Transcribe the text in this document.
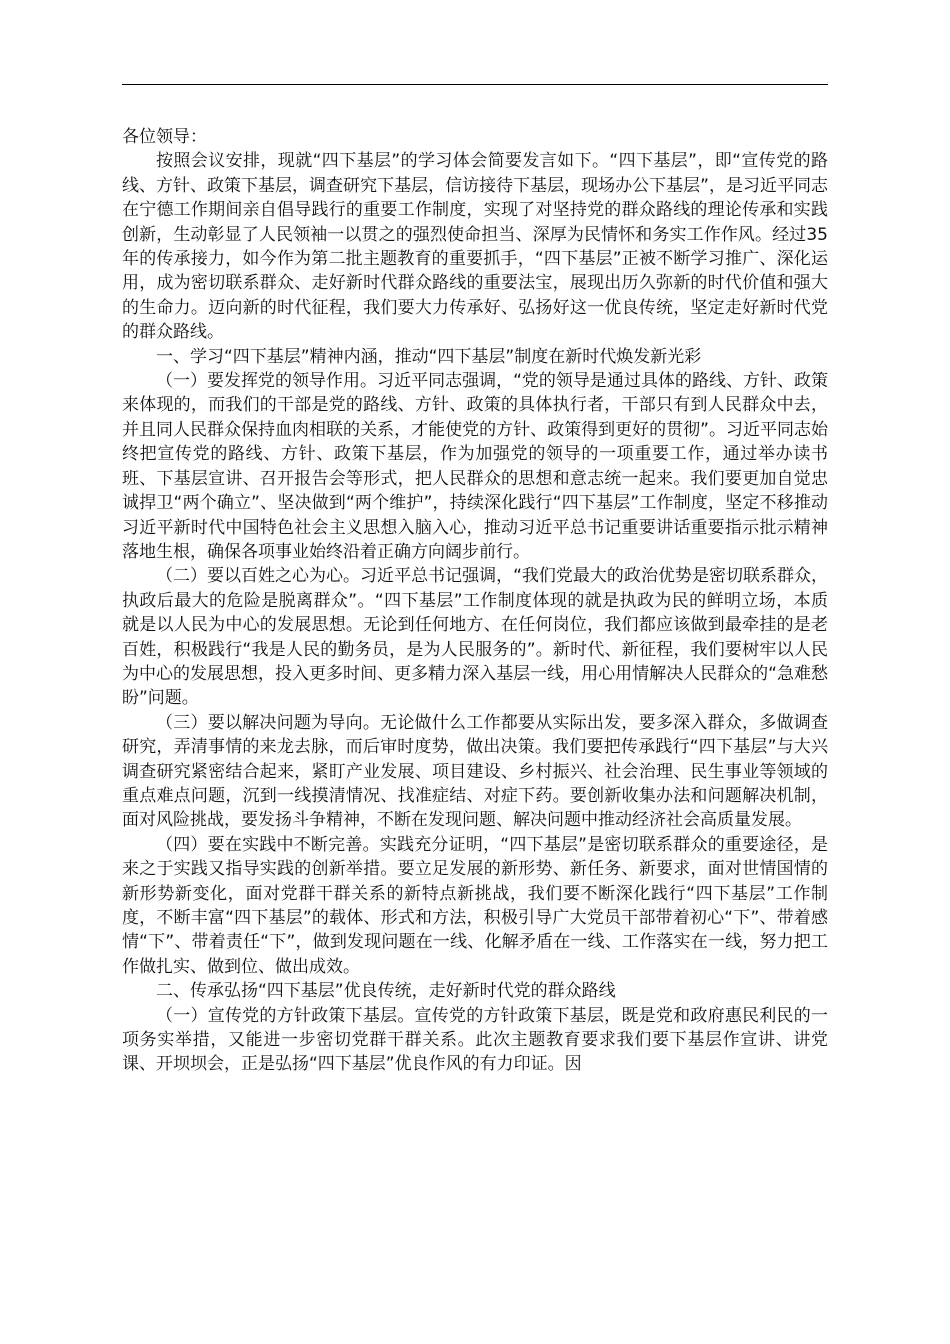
各位领导：

按照会议安排，现就“四下基层”的学习体会简要发言如下。“四下基层”，即“宣传党的路线、方针、政策下基层，调查研究下基层，信访接待下基层，现场办公下基层”，是习近平同志在宁德工作期间亲自倡导践行的重要工作制度，实现了对坚持党的群众路线的理论传承和实践创新，生动彰显了人民领袖一以贯之的强烈使命担当、深厚为民情怀和务实工作作风。经过35年的传承接力，如今作为第二批主题教育的重要抓手，“四下基层”正被不断学习推广、深化运用，成为密切联系群众、走好新时代群众路线的重要法宝，展现出历久弥新的时代价值和强大的生命力。迈向新的时代征程，我们要大力传承好、弘扬好这一优良传统，坚定走好新时代党的群众路线。

一、学习“四下基层”精神内涵，推动“四下基层”制度在新时代焕发新光彩

（一）要发挥党的领导作用。习近平同志强调，“党的领导是通过具体的路线、方针、政策来体现的，而我们的干部是党的路线、方针、政策的具体执行者，干部只有到人民群众中去，并且同人民群众保持血肉相联的关系，才能使党的方针、政策得到更好的贯彻”。习近平同志始终把宣传党的路线、方针、政策下基层，作为加强党的领导的一项重要工作，通过举办读书班、下基层宣讲、召开报告会等形式，把人民群众的思想和意志统一起来。我们要更加自觉忠诚捍卫“两个确立”、坚决做到“两个维护”，持续深化践行“四下基层”工作制度，坚定不移推动习近平新时代中国特色社会主义思想入脑入心，推动习近平总书记重要讲话重要指示批示精神落地生根，确保各项事业始终沿着正确方向阔步前行。

（二）要以百姓之心为心。习近平总书记强调，“我们党最大的政治优势是密切联系群众，执政后最大的危险是脱离群众”。“四下基层”工作制度体现的就是执政为民的鲜明立场，本质就是以人民为中心的发展思想。无论到任何地方、在任何岗位，我们都应该做到最牵挂的是老百姓，积极践行“我是人民的勤务员，是为人民服务的”。新时代、新征程，我们要树牢以人民为中心的发展思想，投入更多时间、更多精力深入基层一线，用心用情解决人民群众的“急难愁盼”问题。

（三）要以解决问题为导向。无论做什么工作都要从实际出发，要多深入群众，多做调查研究，弄清事情的来龙去脉，而后审时度势，做出决策。我们要把传承践行“四下基层”与大兴调查研究紧密结合起来，紧盯产业发展、项目建设、乡村振兴、社会治理、民生事业等领域的重点难点问题，沉到一线摸清情况、找准症结、对症下药。要创新收集办法和问题解决机制，面对风险挑战，要发扬斗争精神，不断在发现问题、解决问题中推动经济社会高质量发展。

（四）要在实践中不断完善。实践充分证明，“四下基层”是密切联系群众的重要途径，是来之于实践又指导实践的创新举措。要立足发展的新形势、新任务、新要求，面对世情国情的新形势新变化，面对党群干群关系的新特点新挑战，我们要不断深化践行“四下基层”工作制度，不断丰富“四下基层”的载体、形式和方法，积极引导广大党员干部带着初心“下”、带着感情“下”、带着责任“下”，做到发现问题在一线、化解矛盾在一线、工作落实在一线，努力把工作做扎实、做到位、做出成效。

二、传承弘扬“四下基层”优良传统，走好新时代党的群众路线

（一）宣传党的方针政策下基层。宣传党的方针政策下基层，既是党和政府惠民利民的一项务实举措，又能进一步密切党群干群关系。此次主题教育要求我们要下基层作宣讲、讲党课、开坝坝会，正是弘扬“四下基层”优良作风的有力印证。因
